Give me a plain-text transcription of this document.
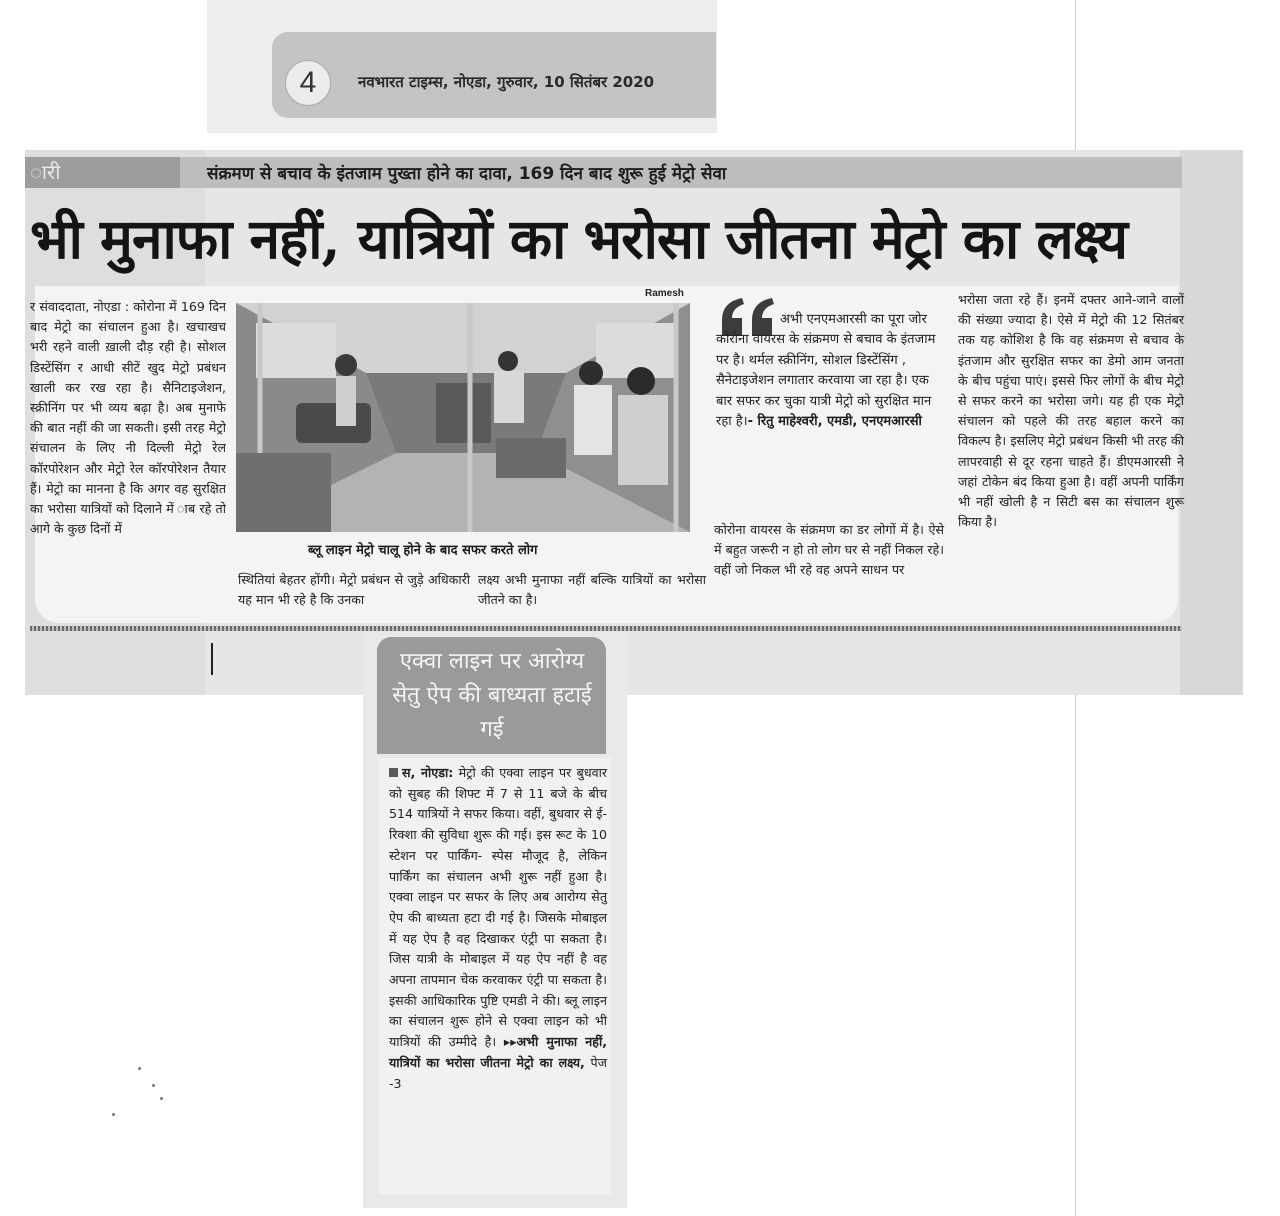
4	नवभारत टाइम्स, नोएडा, गुरुवार, 10 सितंबर 2020
ारी	संक्रमण से बचाव के इंतजाम पुख्ता होने का दावा, 169 दिन बाद शुरू हुई मेट्रो सेवा
भी मुनाफा नहीं, यात्रियों का भरोसा जीतना मेट्रो का लक्ष्य
र संवाददाता, नोएडा : कोरोना में 169 दिन बाद मेट्रो का संचालन हुआ है। खचाखच भरी रहने वाली ख़ाली दौड़ रही है। सोशल डिस्टेंसिंग र आधी सीटें खुद मेट्रो प्रबंधन खाली कर रख रहा है। सैनिटाइजेशन, स्क्रीनिंग पर भी व्यय बढ़ा है। अब मुनाफे की बात नहीं की जा सकती। इसी तरह मेट्रो संचालन के लिए नी दिल्ली मेट्रो रेल कॉरपोरेशन और मेट्रो रेल कॉरपोरेशन तैयार हैं। मेट्रो का मानना है कि अगर वह सुरक्षित का भरोसा यात्रियों को दिलाने में ाब रहे तो आगे के कुछ दिनों में
Ramesh
ब्लू लाइन मेट्रो चालू होने के बाद सफर करते लोग
स्थितियां बेहतर होंगी। मेट्रो प्रबंधन से जुड़े अधिकारी यह मान भी रहे है कि उनका
लक्ष्य अभी मुनाफा नहीं बल्कि यात्रियों का भरोसा जीतने का है।
अभी एनएमआरसी का पूरा जोर कोरोना वायरस के संक्रमण से बचाव के इंतजाम पर है। थर्मल स्क्रीनिंग, सोशल डिस्टेंसिंग , सैनेटाइजेशन लगातार करवाया जा रहा है। एक बार सफर कर चुका यात्री मेट्रो को सुरक्षित मान रहा है।- रितु माहेश्वरी, एमडी, एनएमआरसी
कोरोना वायरस के संक्रमण का डर लोगों में है। ऐसे में बहुत जरूरी न हो तो लोग घर से नहीं निकल रहे। वहीं जो निकल भी रहे वह अपने साधन पर
भरोसा जता रहे हैं। इनमें दफ्तर आने-जाने वालों की संख्या ज्यादा है। ऐसे में मेट्रो की 12 सितंबर तक यह कोशिश है कि वह संक्रमण से बचाव के इंतजाम और सुरक्षित सफर का डेमो आम जनता के बीच पहुंचा पाएं। इससे फिर लोगों के बीच मेट्रो से सफर करने का भरोसा जगे। यह ही एक मेट्रो संचालन को पहले की तरह बहाल करने का विकल्प है। इसलिए मेट्रो प्रबंधन किसी भी तरह की लापरवाही से दूर रहना चाहते हैं। डीएमआरसी ने जहां टोकेन बंद किया हुआ है। वहीं अपनी पार्किंग भी नहीं खोली है न सिटी बस का संचालन शुरू किया है।
एक्वा लाइन पर आरोग्य सेतु ऐप की बाध्यता हटाई गई
स, नोएडा: मेट्रो की एक्वा लाइन पर बुधवार को सुबह की शिफ्ट में 7 से 11 बजे के बीच 514 यात्रियों ने सफर किया। वहीं, बुधवार से ई- रिक्शा की सुविधा शुरू की गई। इस रूट के 10 स्टेशन पर पार्किंग- स्पेस मौजूद है, लेकिन पार्किंग का संचालन अभी शुरू नहीं हुआ है। एक्वा लाइन पर सफर के लिए अब आरोग्य सेतु ऐप की बाध्यता हटा दी गई है। जिसके मोबाइल में यह ऐप है वह दिखाकर एंट्री पा सकता है। जिस यात्री के मोबाइल में यह ऐप नहीं है वह अपना तापमान चेक करवाकर एंट्री पा सकता है। इसकी आधिकारिक पुष्टि एमडी ने की। ब्लू लाइन का संचालन शुरू होने से एक्वा लाइन को भी यात्रियों की उम्मीदे है। ▸▸अभी मुनाफा नहीं, यात्रियों का भरोसा जीतना मेट्रो का लक्ष्य, पेज -3
